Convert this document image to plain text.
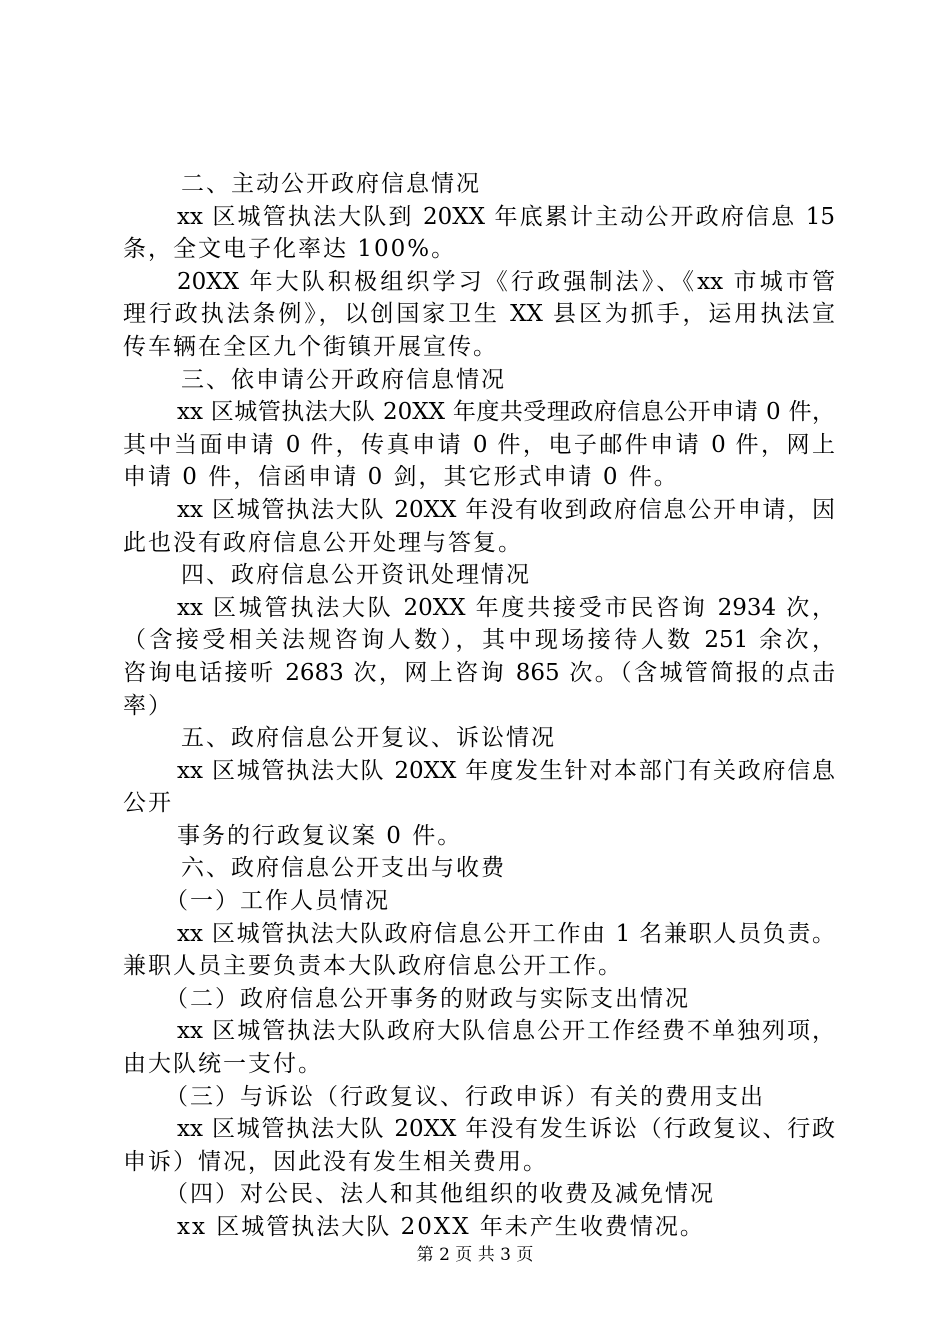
二、主动公开政府信息情况
xx 区城管执法大队到 20XX 年底累计主动公开政府信息 15
条，全文电子化率达 100%。
20XX 年大队积极组织学习《行政强制法》、《xx 市城市管
理行政执法条例》，以创国家卫生 XX 县区为抓手，运用执法宣
传车辆在全区九个街镇开展宣传。
三、依申请公开政府信息情况
xx 区城管执法大队 20XX 年度共受理政府信息公开申请 0 件，
其中当面申请 0 件，传真申请 0 件，电子邮件申请 0 件，网上
申请 0 件，信函申请 0 剑，其它形式申请 0 件。
xx 区城管执法大队 20XX 年没有收到政府信息公开申请，因
此也没有政府信息公开处理与答复。
四、政府信息公开资讯处理情况
xx 区城管执法大队 20XX 年度共接受市民咨询 2934 次，
（含接受相关法规咨询人数），其中现场接待人数 251 余次，
咨询电话接听 2683 次，网上咨询 865 次。（含城管简报的点击
率）
五、政府信息公开复议、诉讼情况
xx 区城管执法大队 20XX 年度发生针对本部门有关政府信息
公开
事务的行政复议案 0 件。
六、政府信息公开支出与收费
（一）工作人员情况
xx 区城管执法大队政府信息公开工作由 1 名兼职人员负责。
兼职人员主要负责本大队政府信息公开工作。
（二）政府信息公开事务的财政与实际支出情况
xx 区城管执法大队政府大队信息公开工作经费不单独列项，
由大队统一支付。
（三）与诉讼（行政复议、行政申诉）有关的费用支出
xx 区城管执法大队 20XX 年没有发生诉讼（行政复议、行政
申诉）情况，因此没有发生相关费用。
（四）对公民、法人和其他组织的收费及减免情况
xx 区城管执法大队 20XX 年未产生收费情况。
第 2 页 共 3 页
